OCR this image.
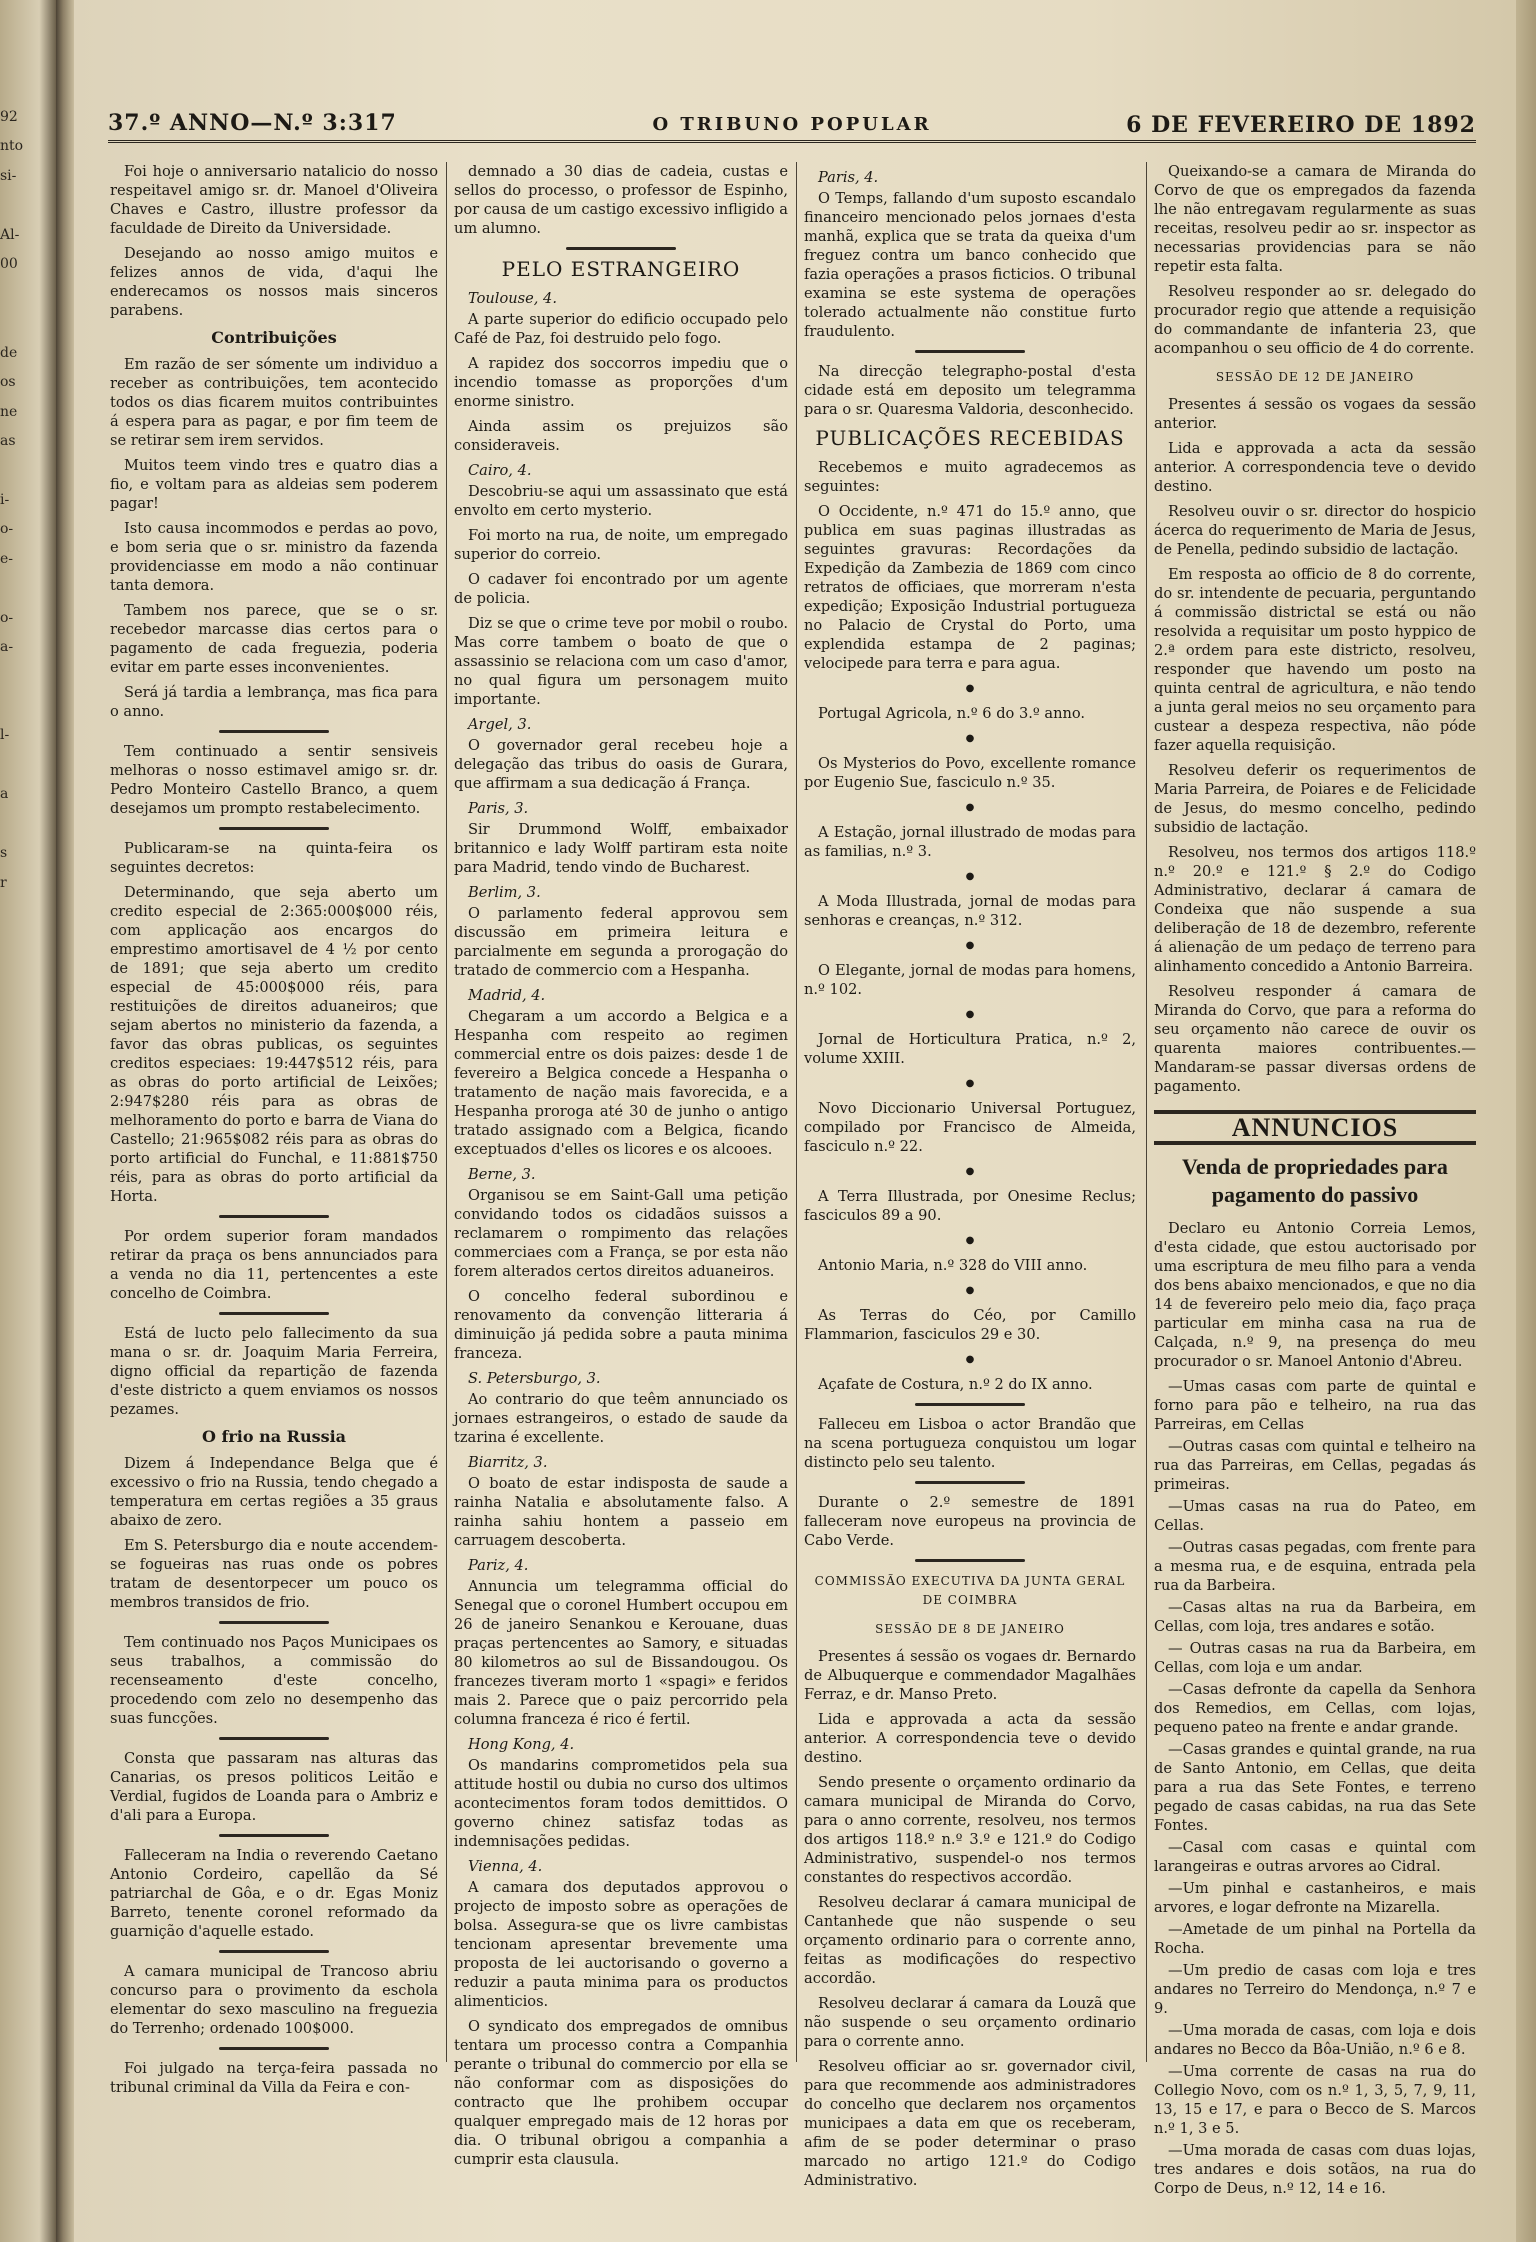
92
nto
si-
Al-
00
de
os
ne
as
i-
o-
e-
o-
a-
l-
a
s
r
37.º ANNO—N.º 3:317	O TRIBUNO POPULAR	6 DE FEVEREIRO DE 1892

Foi hoje o anniversario natalicio do nosso respeitavel amigo sr. dr. Manoel d'Oliveira Chaves e Castro, illustre professor da faculdade de Direito da Universidade.

Desejando ao nosso amigo muitos e felizes annos de vida, d'aqui lhe enderecamos os nossos mais sinceros parabens.

Contribuições

Em razão de ser sómente um individuo a receber as contribuições, tem acontecido todos os dias ficarem muitos contribuintes á espera para as pagar, e por fim teem de se retirar sem irem servidos.

Muitos teem vindo tres e quatro dias a fio, e voltam para as aldeias sem poderem pagar!

Isto causa incommodos e perdas ao povo, e bom seria que o sr. ministro da fazenda providenciasse em modo a não continuar tanta demora.

Tambem nos parece, que se o sr. recebedor marcasse dias certos para o pagamento de cada freguezia, poderia evitar em parte esses inconvenientes.

Será já tardia a lembrança, mas fica para o anno.

Tem continuado a sentir sensiveis melhoras o nosso estimavel amigo sr. dr. Pedro Monteiro Castello Branco, a quem desejamos um prompto restabelecimento.

Publicaram-se na quinta-feira os seguintes decretos:

Determinando, que seja aberto um credito especial de 2:365:000$000 réis, com applicação aos encargos do emprestimo amortisavel de 4 ½ por cento de 1891; que seja aberto um credito especial de 45:000$000 réis, para restituições de direitos aduaneiros; que sejam abertos no ministerio da fazenda, a favor das obras publicas, os seguintes creditos especiaes: 19:447$512 réis, para as obras do porto artificial de Leixões; 2:947$280 réis para as obras de melhoramento do porto e barra de Viana do Castello; 21:965$082 réis para as obras do porto artificial do Funchal, e 11:881$750 réis, para as obras do porto artificial da Horta.

Por ordem superior foram mandados retirar da praça os bens annunciados para a venda no dia 11, pertencentes a este concelho de Coimbra.

Está de lucto pelo fallecimento da sua mana o sr. dr. Joaquim Maria Ferreira, digno official da repartição de fazenda d'este districto a quem enviamos os nossos pezames.

O frio na Russia

Dizem á Independance Belga que é excessivo o frio na Russia, tendo chegado a temperatura em certas regiões a 35 graus abaixo de zero.

Em S. Petersburgo dia e noute accendem-se fogueiras nas ruas onde os pobres tratam de desentorpecer um pouco os membros transidos de frio.

Tem continuado nos Paços Municipaes os seus trabalhos, a commissão do recenseamento d'este concelho, procedendo com zelo no desempenho das suas funcções.

Consta que passaram nas alturas das Canarias, os presos politicos Leitão e Verdial, fugidos de Loanda para o Ambriz e d'ali para a Europa.

Falleceram na India o reverendo Caetano Antonio Cordeiro, capellão da Sé patriarchal de Gôa, e o dr. Egas Moniz Barreto, tenente coronel reformado da guarnição d'aquelle estado.

A camara municipal de Trancoso abriu concurso para o provimento da eschola elementar do sexo masculino na freguezia do Terrenho; ordenado 100$000.

Foi julgado na terça-feira passada no tribunal criminal da Villa da Feira e con-

demnado a 30 dias de cadeia, custas e sellos do processo, o professor de Espinho, por causa de um castigo excessivo infligido a um alumno.

PELO ESTRANGEIRO
Toulouse, 4.

A parte superior do edificio occupado pelo Café de Paz, foi destruido pelo fogo.

A rapidez dos soccorros impediu que o incendio tomasse as proporções d'um enorme sinistro.

Ainda assim os prejuizos são consideraveis.

Cairo, 4.

Descobriu-se aqui um assassinato que está envolto em certo mysterio.

Foi morto na rua, de noite, um empregado superior do correio.

O cadaver foi encontrado por um agente de policia.

Diz se que o crime teve por mobil o roubo. Mas corre tambem o boato de que o assassinio se relaciona com um caso d'amor, no qual figura um personagem muito importante.

Argel, 3.

O governador geral recebeu hoje a delegação das tribus do oasis de Gurara, que affirmam a sua dedicação á França.

Paris, 3.

Sir Drummond Wolff, embaixador britannico e lady Wolff partiram esta noite para Madrid, tendo vindo de Bucharest.

Berlim, 3.

O parlamento federal approvou sem discussão em primeira leitura e parcialmente em segunda a prorogação do tratado de commercio com a Hespanha.

Madrid, 4.

Chegaram a um accordo a Belgica e a Hespanha com respeito ao regimen commercial entre os dois paizes: desde 1 de fevereiro a Belgica concede a Hespanha o tratamento de nação mais favorecida, e a Hespanha proroga até 30 de junho o antigo tratado assignado com a Belgica, ficando exceptuados d'elles os licores e os alcooes.

Berne, 3.

Organisou se em Saint-Gall uma petição convidando todos os cidadãos suissos a reclamarem o rompimento das relações commerciaes com a França, se por esta não forem alterados certos direitos aduaneiros.

O concelho federal subordinou e renovamento da convenção litteraria á diminuição já pedida sobre a pauta minima franceza.

S. Petersburgo, 3.

Ao contrario do que teêm annunciado os jornaes estrangeiros, o estado de saude da tzarina é excellente.

Biarritz, 3.

O boato de estar indisposta de saude a rainha Natalia e absolutamente falso. A rainha sahiu hontem a passeio em carruagem descoberta.

Pariz, 4.

Annuncia um telegramma official do Senegal que o coronel Humbert occupou em 26 de janeiro Senankou e Kerouane, duas praças pertencentes ao Samory, e situadas 80 kilometros ao sul de Bissandougou. Os francezes tiveram morto 1 «spagi» e feridos mais 2. Parece que o paiz percorrido pela columna franceza é rico é fertil.

Hong Kong, 4.

Os mandarins comprometidos pela sua attitude hostil ou dubia no curso dos ultimos acontecimentos foram todos demittidos. O governo chinez satisfaz todas as indemnisações pedidas.

Vienna, 4.

A camara dos deputados approvou o projecto de imposto sobre as operações de bolsa. Assegura-se que os livre cambistas tencionam apresentar brevemente uma proposta de lei auctorisando o governo a reduzir a pauta minima para os productos alimenticios.

O syndicato dos empregados de omnibus tentara um processo contra a Companhia perante o tribunal do commercio por ella se não conformar com as disposições do contracto que lhe prohibem occupar qualquer empregado mais de 12 horas por dia. O tribunal obrigou a companhia a cumprir esta clausula.

Paris, 4.

O Temps, fallando d'um suposto escandalo financeiro mencionado pelos jornaes d'esta manhã, explica que se trata da queixa d'um freguez contra um banco conhecido que fazia operações a prasos ficticios. O tribunal examina se este systema de operações tolerado actualmente não constitue furto fraudulento.

Na direcção telegrapho-postal d'esta cidade está em deposito um telegramma para o sr. Quaresma Valdoria, desconhecido.

PUBLICAÇÕES RECEBIDAS

Recebemos e muito agradecemos as seguintes:

O Occidente, n.º 471 do 15.º anno, que publica em suas paginas illustradas as seguintes gravuras: Recordações da Expedição da Zambezia de 1869 com cinco retratos de officiaes, que morreram n'esta expedição; Exposição Industrial portugueza no Palacio de Crystal do Porto, uma explendida estampa de 2 paginas; velocipede para terra e para agua.

●

Portugal Agricola, n.º 6 do 3.º anno.

●

Os Mysterios do Povo, excellente romance por Eugenio Sue, fasciculo n.º 35.

●

A Estação, jornal illustrado de modas para as familias, n.º 3.

●

A Moda Illustrada, jornal de modas para senhoras e creanças, n.º 312.

●

O Elegante, jornal de modas para homens, n.º 102.

●

Jornal de Horticultura Pratica, n.º 2, volume XXIII.

●

Novo Diccionario Universal Portuguez, compilado por Francisco de Almeida, fasciculo n.º 22.

●

A Terra Illustrada, por Onesime Reclus; fasciculos 89 a 90.

●

Antonio Maria, n.º 328 do VIII anno.

●

As Terras do Céo, por Camillo Flammarion, fasciculos 29 e 30.

●

Açafate de Costura, n.º 2 do IX anno.

Falleceu em Lisboa o actor Brandão que na scena portugueza conquistou um logar distincto pelo seu talento.

Durante o 2.º semestre de 1891 falleceram nove europeus na provincia de Cabo Verde.

COMMISSÃO EXECUTIVA DA JUNTA GERAL DE COIMBRA
SESSÃO DE 8 DE JANEIRO

Presentes á sessão os vogaes dr. Bernardo de Albuquerque e commendador Magalhães Ferraz, e dr. Manso Preto.

Lida e approvada a acta da sessão anterior. A correspondencia teve o devido destino.

Sendo presente o orçamento ordinario da camara municipal de Miranda do Corvo, para o anno corrente, resolveu, nos termos dos artigos 118.º n.º 3.º e 121.º do Codigo Administrativo, suspendel-o nos termos constantes do respectivos accordão.

Resolveu declarar á camara municipal de Cantanhede que não suspende o seu orçamento ordinario para o corrente anno, feitas as modificações do respectivo accordão.

Resolveu declarar á camara da Louzã que não suspende o seu orçamento ordinario para o corrente anno.

Resolveu officiar ao sr. governador civil, para que recommende aos administradores do concelho que declarem nos orçamentos municipaes a data em que os receberam, afim de se poder determinar o praso marcado no artigo 121.º do Codigo Administrativo.

Queixando-se a camara de Miranda do Corvo de que os empregados da fazenda lhe não entregavam regularmente as suas receitas, resolveu pedir ao sr. inspector as necessarias providencias para se não repetir esta falta.

Resolveu responder ao sr. delegado do procurador regio que attende a requisição do commandante de infanteria 23, que acompanhou o seu officio de 4 do corrente.

SESSÃO DE 12 DE JANEIRO

Presentes á sessão os vogaes da sessão anterior.

Lida e approvada a acta da sessão anterior. A correspondencia teve o devido destino.

Resolveu ouvir o sr. director do hospicio ácerca do requerimento de Maria de Jesus, de Penella, pedindo subsidio de lactação.

Em resposta ao officio de 8 do corrente, do sr. intendente de pecuaria, perguntando á commissão districtal se está ou não resolvida a requisitar um posto hyppico de 2.ª ordem para este districto, resolveu, responder que havendo um posto na quinta central de agricultura, e não tendo a junta geral meios no seu orçamento para custear a despeza respectiva, não póde fazer aquella requisição.

Resolveu deferir os requerimentos de Maria Parreira, de Poiares e de Felicidade de Jesus, do mesmo concelho, pedindo subsidio de lactação.

Resolveu, nos termos dos artigos 118.º n.º 20.º e 121.º § 2.º do Codigo Administrativo, declarar á camara de Condeixa que não suspende a sua deliberação de 18 de dezembro, referente á alienação de um pedaço de terreno para alinhamento concedido a Antonio Barreira.

Resolveu responder á camara de Miranda do Corvo, que para a reforma do seu orçamento não carece de ouvir os quarenta maiores contribuentes.—Mandaram-se passar diversas ordens de pagamento.

ANNUNCIOS
Venda de propriedades para pagamento do passivo

Declaro eu Antonio Correia Lemos, d'esta cidade, que estou auctorisado por uma escriptura de meu filho para a venda dos bens abaixo mencionados, e que no dia 14 de fevereiro pelo meio dia, faço praça particular em minha casa na rua de Calçada, n.º 9, na presença do meu procurador o sr. Manoel Antonio d'Abreu.

—Umas casas com parte de quintal e forno para pão e telheiro, na rua das Parreiras, em Cellas

—Outras casas com quintal e telheiro na rua das Parreiras, em Cellas, pegadas ás primeiras.

—Umas casas na rua do Pateo, em Cellas.

—Outras casas pegadas, com frente para a mesma rua, e de esquina, entrada pela rua da Barbeira.

—Casas altas na rua da Barbeira, em Cellas, com loja, tres andares e sotão.

— Outras casas na rua da Barbeira, em Cellas, com loja e um andar.

—Casas defronte da capella da Senhora dos Remedios, em Cellas, com lojas, pequeno pateo na frente e andar grande.

—Casas grandes e quintal grande, na rua de Santo Antonio, em Cellas, que deita para a rua das Sete Fontes, e terreno pegado de casas cabidas, na rua das Sete Fontes.

—Casal com casas e quintal com larangeiras e outras arvores ao Cidral.

—Um pinhal e castanheiros, e mais arvores, e logar defronte na Mizarella.

—Ametade de um pinhal na Portella da Rocha.

—Um predio de casas com loja e tres andares no Terreiro do Mendonça, n.º 7 e 9.

—Uma morada de casas, com loja e dois andares no Becco da Bôa-União, n.º 6 e 8.

—Uma corrente de casas na rua do Collegio Novo, com os n.º 1, 3, 5, 7, 9, 11, 13, 15 e 17, e para o Becco de S. Marcos n.º 1, 3 e 5.

—Uma morada de casas com duas lojas, tres andares e dois sotãos, na rua do Corpo de Deus, n.º 12, 14 e 16.
